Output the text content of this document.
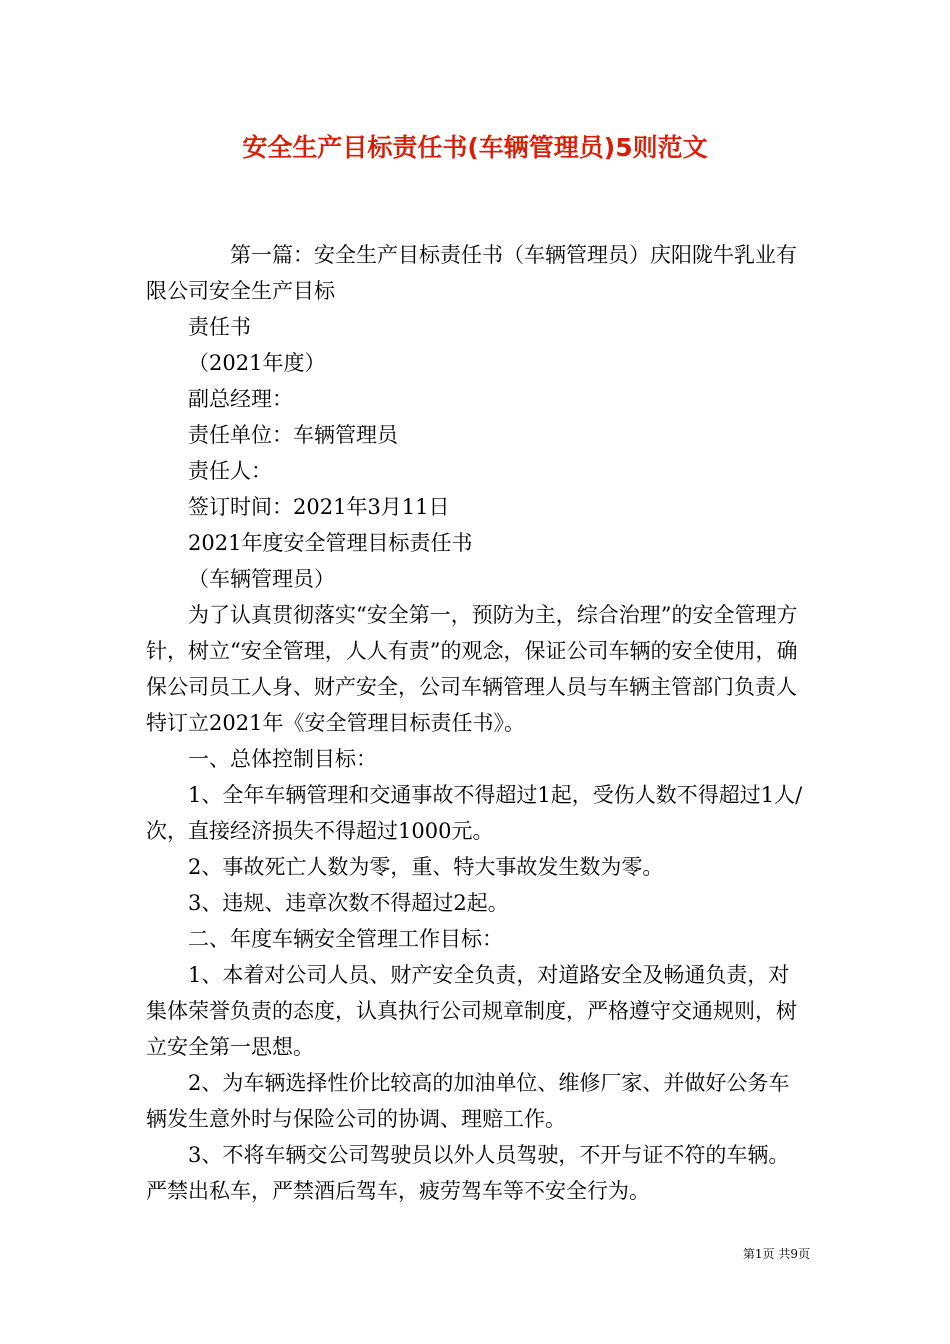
安全生产目标责任书(车辆管理员)5则范文

第一篇：安全生产目标责任书（车辆管理员）庆阳陇牛乳业有限公司安全生产目标

责任书

（2021年度）

副总经理：

责任单位：车辆管理员

责任人：

签订时间：2021年3月11日

2021年度安全管理目标责任书

（车辆管理员）

为了认真贯彻落实“安全第一，预防为主，综合治理”的安全管理方针，树立“安全管理，人人有责”的观念，保证公司车辆的安全使用，确保公司员工人身、财产安全，公司车辆管理人员与车辆主管部门负责人特订立2021年《安全管理目标责任书》。

一、总体控制目标：

1、全年车辆管理和交通事故不得超过1起，受伤人数不得超过1人/次，直接经济损失不得超过1000元。

2、事故死亡人数为零，重、特大事故发生数为零。

3、违规、违章次数不得超过2起。

二、年度车辆安全管理工作目标：

1、本着对公司人员、财产安全负责，对道路安全及畅通负责，对集体荣誉负责的态度，认真执行公司规章制度，严格遵守交通规则，树立安全第一思想。

2、为车辆选择性价比较高的加油单位、维修厂家、并做好公务车辆发生意外时与保险公司的协调、理赔工作。

3、不将车辆交公司驾驶员以外人员驾驶，不开与证不符的车辆。严禁出私车，严禁酒后驾车，疲劳驾车等不安全行为。

第1页 共9页
